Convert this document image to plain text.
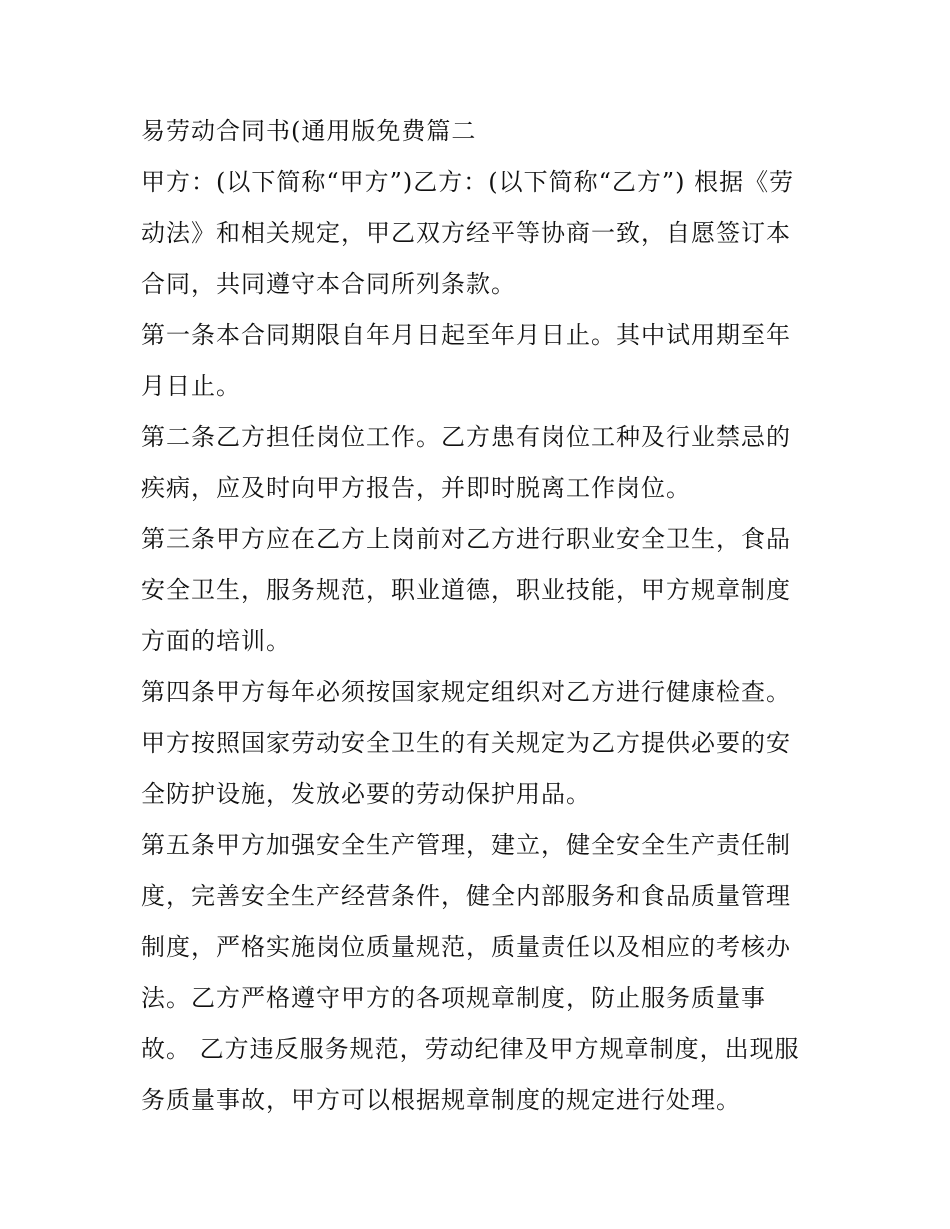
易劳动合同书(通用版免费篇二

甲方：(以下简称“甲方”)乙方：(以下简称“乙方”) 根据《劳动法》和相关规定，甲乙双方经平等协商一致，自愿签订本合同，共同遵守本合同所列条款。

第一条本合同期限自年月日起至年月日止。其中试用期至年月日止。

第二条乙方担任岗位工作。乙方患有岗位工种及行业禁忌的疾病，应及时向甲方报告，并即时脱离工作岗位。

第三条甲方应在乙方上岗前对乙方进行职业安全卫生，食品安全卫生，服务规范，职业道德，职业技能，甲方规章制度方面的培训。

第四条甲方每年必须按国家规定组织对乙方进行健康检查。甲方按照国家劳动安全卫生的有关规定为乙方提供必要的安全防护设施，发放必要的劳动保护用品。

第五条甲方加强安全生产管理，建立，健全安全生产责任制度，完善安全生产经营条件，健全内部服务和食品质量管理制度，严格实施岗位质量规范，质量责任以及相应的考核办法。乙方严格遵守甲方的各项规章制度，防止服务质量事故。 乙方违反服务规范，劳动纪律及甲方规章制度，出现服务质量事故，甲方可以根据规章制度的规定进行处理。
